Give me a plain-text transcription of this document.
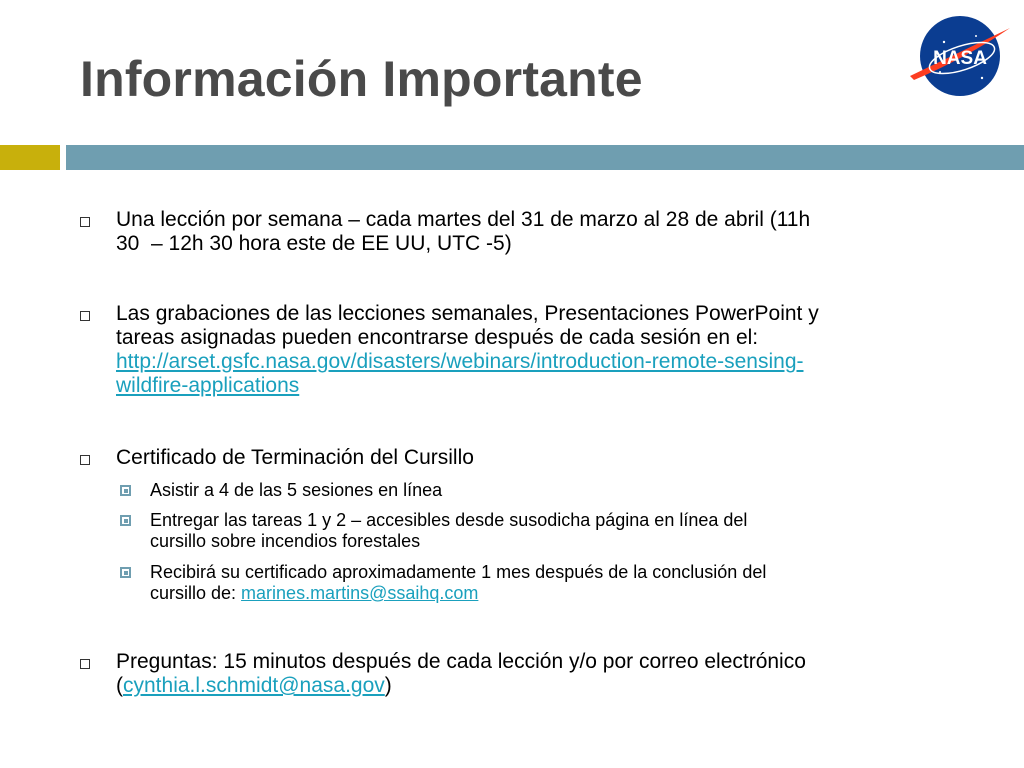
Información Importante	NASA
Una lección por semana – cada martes del 31 de marzo al 28 de abril (11h
30  – 12h 30 hora este de EE UU, UTC -5)
Las grabaciones de las lecciones semanales, Presentaciones PowerPoint y
tareas asignadas pueden encontrarse después de cada sesión en el:
http://arset.gsfc.nasa.gov/disasters/webinars/introduction-remote-sensing-
wildfire-applications
Certificado de Terminación del Cursillo
Asistir a 4 de las 5 sesiones en línea
Entregar las tareas 1 y 2 – accesibles desde susodicha página en línea del
cursillo sobre incendios forestales
Recibirá su certificado aproximadamente 1 mes después de la conclusión del
cursillo de: marines.martins@ssaihq.com
Preguntas: 15 minutos después de cada lección y/o por correo electrónico
(cynthia.l.schmidt@nasa.gov)
